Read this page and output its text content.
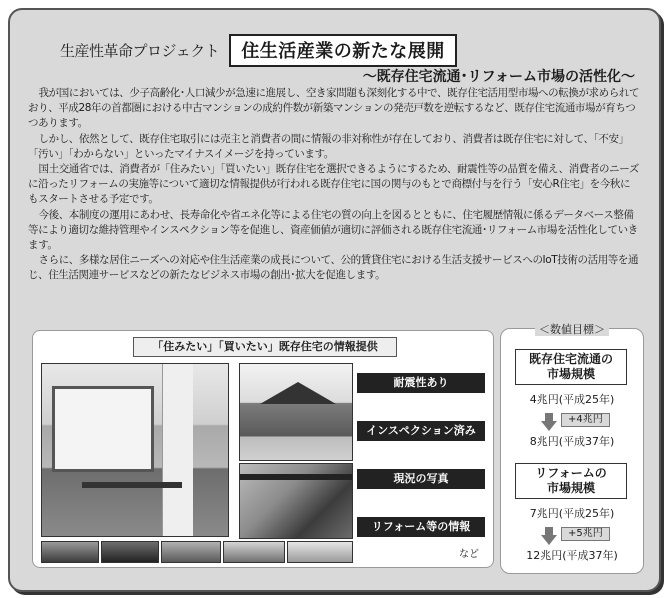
生産性革命プロジェクト	住生活産業の新たな展開
～既存住宅流通･リフォーム市場の活性化～

我が国においては、少子高齢化･人口減少が急速に進展し、空き家問題も深刻化する中で、既存住宅活用型市場への転換が求められており、平成28年の首都圏における中古マンションの成約件数が新築マンションの発売戸数を逆転するなど、既存住宅流通市場が育ちつつあります。

しかし、依然として、既存住宅取引には売主と消費者の間に情報の非対称性が存在しており、消費者は既存住宅に対して、「不安」「汚い」「わからない」といったマイナスイメージを持っています。

国土交通省では、消費者が「住みたい」「買いたい」既存住宅を選択できるようにするため、耐震性等の品質を備え、消費者のニーズに沿ったリフォームの実施等について適切な情報提供が行われる既存住宅に国の関与のもとで商標付与を行う「安心R住宅」を今秋にもスタートさせる予定です。

今後、本制度の運用にあわせ、長寿命化や省エネ化等による住宅の質の向上を図るとともに、住宅履歴情報に係るデータベース整備等により適切な維持管理やインスペクション等を促進し、資産価値が適切に評価される既存住宅流通･リフォーム市場を活性化していきます。

さらに、多様な居住ニーズへの対応や住生活産業の成長について、公的賃貸住宅における生活支援サービスへのIoT技術の活用等を通じ、住生活関連サービスなどの新たなビジネス市場の創出･拡大を促進します。

「住みたい」「買いたい」既存住宅の情報提供
耐震性あり
インスペクション済み
現況の写真
リフォーム等の情報
など
＜数値目標＞
既存住宅流通の
市場規模
4兆円(平成25年)
+4兆円
8兆円(平成37年)
リフォームの
市場規模
7兆円(平成25年)
+5兆円
12兆円(平成37年)
